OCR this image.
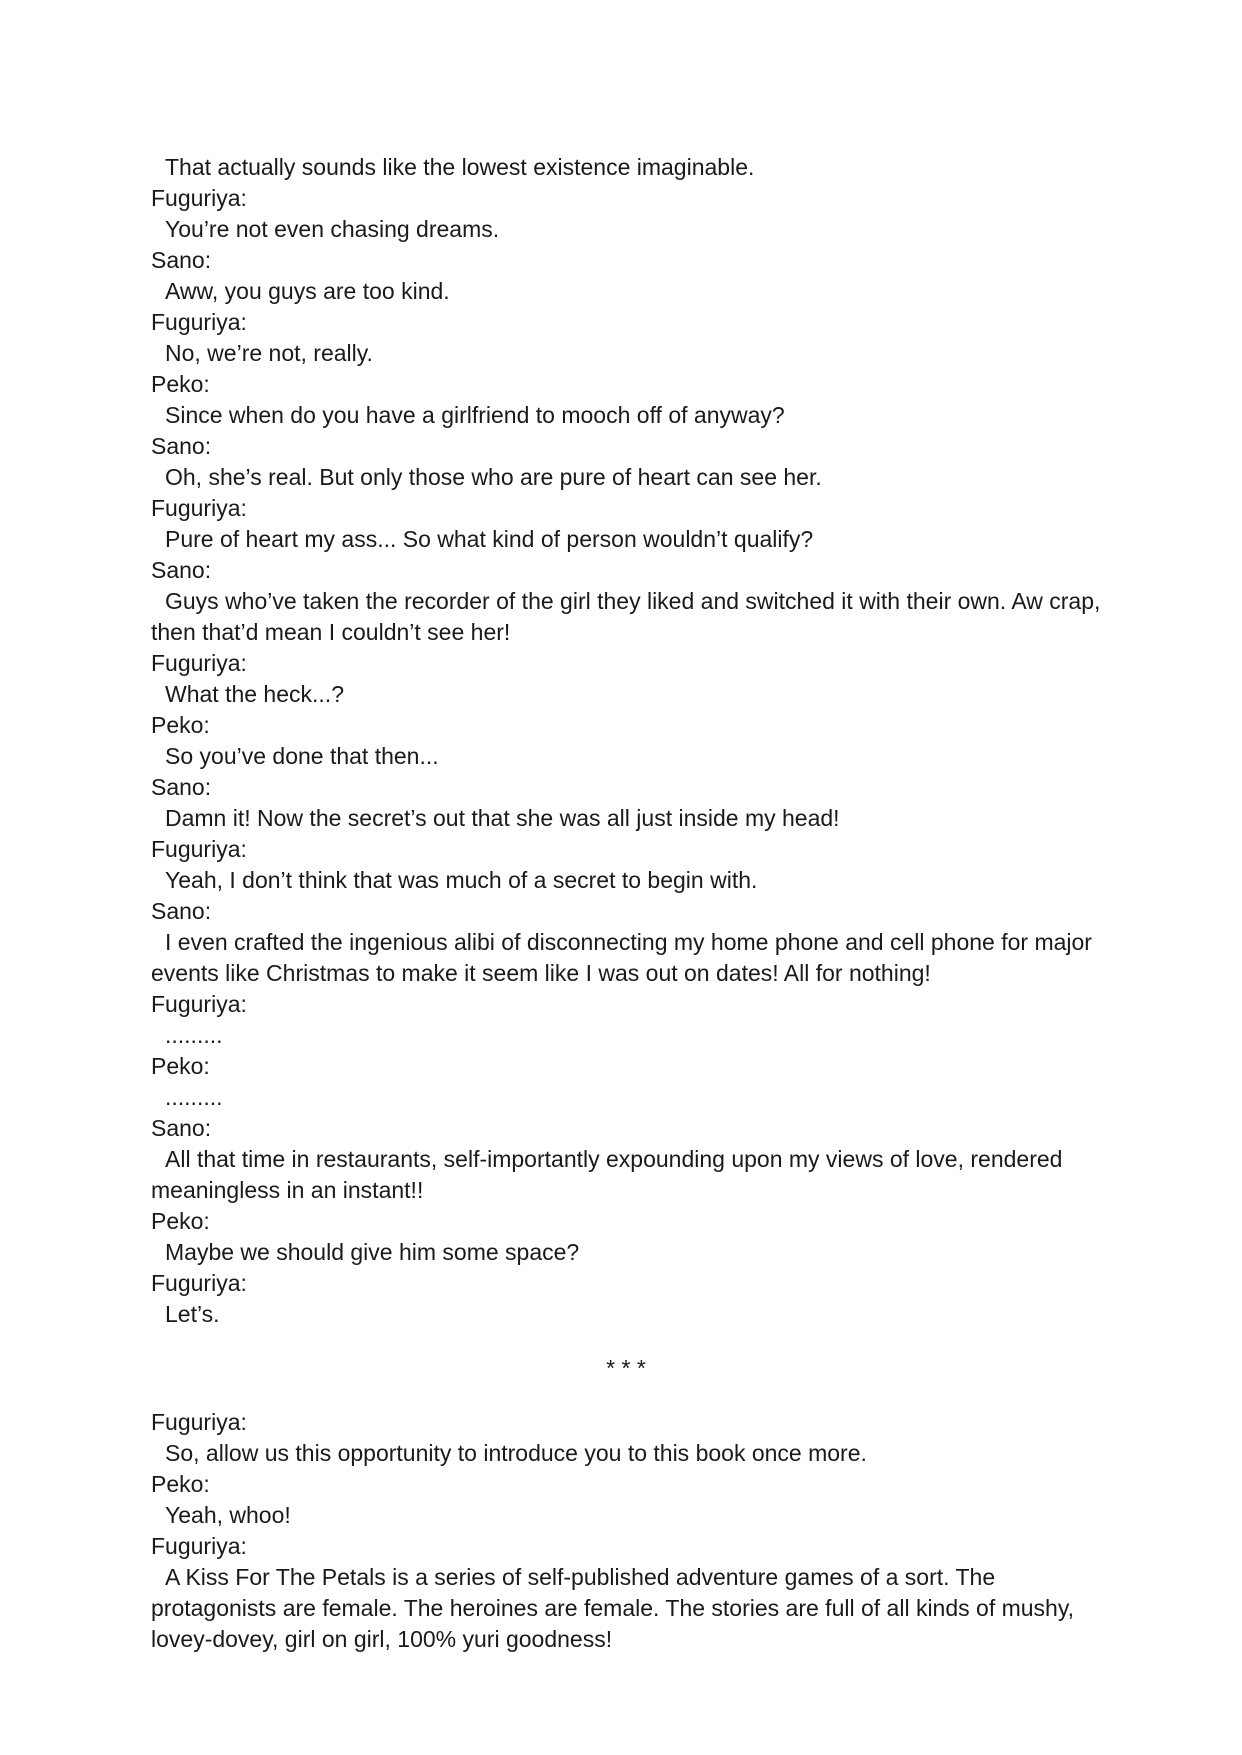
That actually sounds like the lowest existence imaginable.

Fuguriya:

You’re not even chasing dreams.

Sano:

Aww, you guys are too kind.

Fuguriya:

No, we’re not, really.

Peko:

Since when do you have a girlfriend to mooch off of anyway?

Sano:

Oh, she’s real. But only those who are pure of heart can see her.

Fuguriya:

Pure of heart my ass... So what kind of person wouldn’t qualify?

Sano:

Guys who’ve taken the recorder of the girl they liked and switched it with their own. Aw crap, then that’d mean I couldn’t see her!

Fuguriya:

What the heck...?

Peko:

So you’ve done that then...

Sano:

Damn it! Now the secret’s out that she was all just inside my head!

Fuguriya:

Yeah, I don’t think that was much of a secret to begin with.

Sano:

I even crafted the ingenious alibi of disconnecting my home phone and cell phone for major events like Christmas to make it seem like I was out on dates! All for nothing!

Fuguriya:

.........

Peko:

.........

Sano:

All that time in restaurants, self-importantly expounding upon my views of love, rendered meaningless in an instant!!

Peko:

Maybe we should give him some space?

Fuguriya:

Let’s.

* * *

Fuguriya:

So, allow us this opportunity to introduce you to this book once more.

Peko:

Yeah, whoo!

Fuguriya:

A Kiss For The Petals is a series of self-published adventure games of a sort. The protagonists are female. The heroines are female. The stories are full of all kinds of mushy, lovey-dovey, girl on girl, 100% yuri goodness!
